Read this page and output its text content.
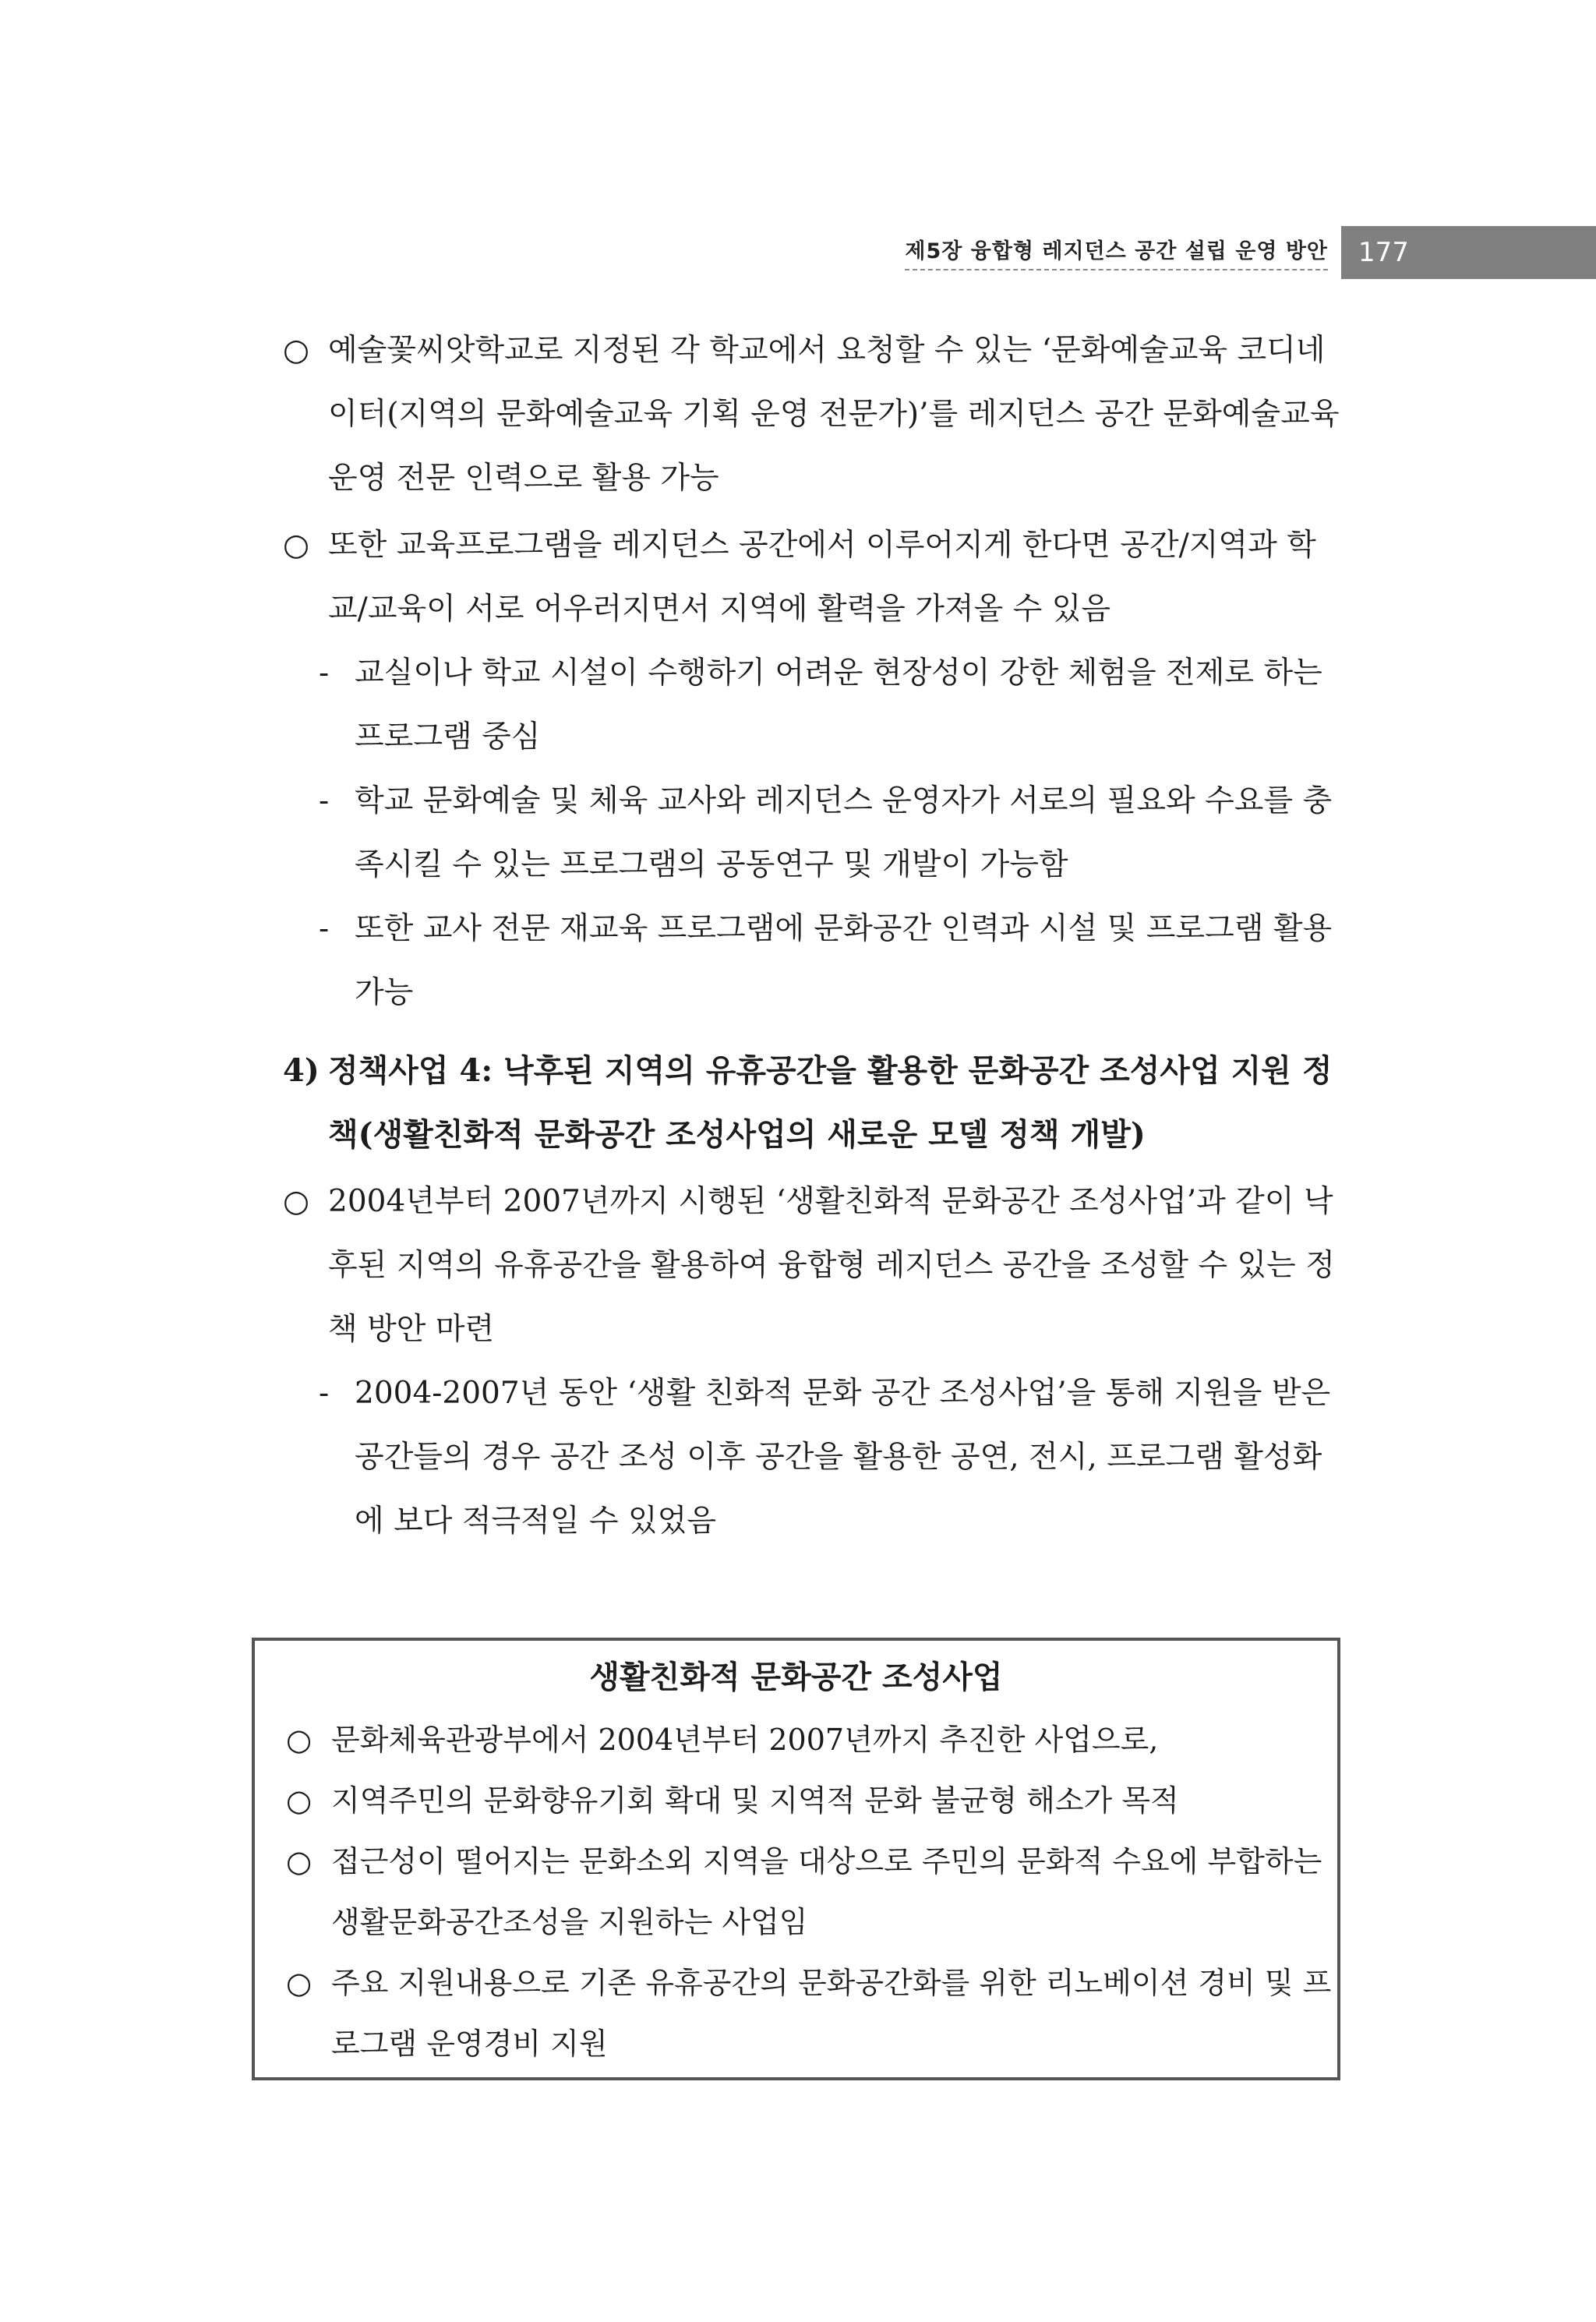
제5장 융합형 레지던스 공간 설립 운영 방안	177
○ 예술꽃씨앗학교로 지정된 각 학교에서 요청할 수 있는 ‘문화예술교육 코디네이터(지역의 문화예술교육 기획 운영 전문가)’를 레지던스 공간 문화예술교육 운영 전문 인력으로 활용 가능
○ 또한 교육프로그램을 레지던스 공간에서 이루어지게 한다면 공간/지역과 학교/교육이 서로 어우러지면서 지역에 활력을 가져올 수 있음
- 교실이나 학교 시설이 수행하기 어려운 현장성이 강한 체험을 전제로 하는 프로그램 중심
- 학교 문화예술 및 체육 교사와 레지던스 운영자가 서로의 필요와 수요를 충족시킬 수 있는 프로그램의 공동연구 및 개발이 가능함
- 또한 교사 전문 재교육 프로그램에 문화공간 인력과 시설 및 프로그램 활용 가능
4) 정책사업 4: 낙후된 지역의 유휴공간을 활용한 문화공간 조성사업 지원 정책(생활친화적 문화공간 조성사업의 새로운 모델 정책 개발)
○ 2004년부터 2007년까지 시행된 ‘생활친화적 문화공간 조성사업’과 같이 낙후된 지역의 유휴공간을 활용하여 융합형 레지던스 공간을 조성할 수 있는 정책 방안 마련
- 2004-2007년 동안 ‘생활 친화적 문화 공간 조성사업’을 통해 지원을 받은 공간들의 경우 공간 조성 이후 공간을 활용한 공연, 전시, 프로그램 활성화에 보다 적극적일 수 있었음
생활친화적 문화공간 조성사업
○ 문화체육관광부에서 2004년부터 2007년까지 추진한 사업으로,
○ 지역주민의 문화향유기회 확대 및 지역적 문화 불균형 해소가 목적
○ 접근성이 떨어지는 문화소외 지역을 대상으로 주민의 문화적 수요에 부합하는 생활문화공간조성을 지원하는 사업임
○ 주요 지원내용으로 기존 유휴공간의 문화공간화를 위한 리노베이션 경비 및 프로그램 운영경비 지원
